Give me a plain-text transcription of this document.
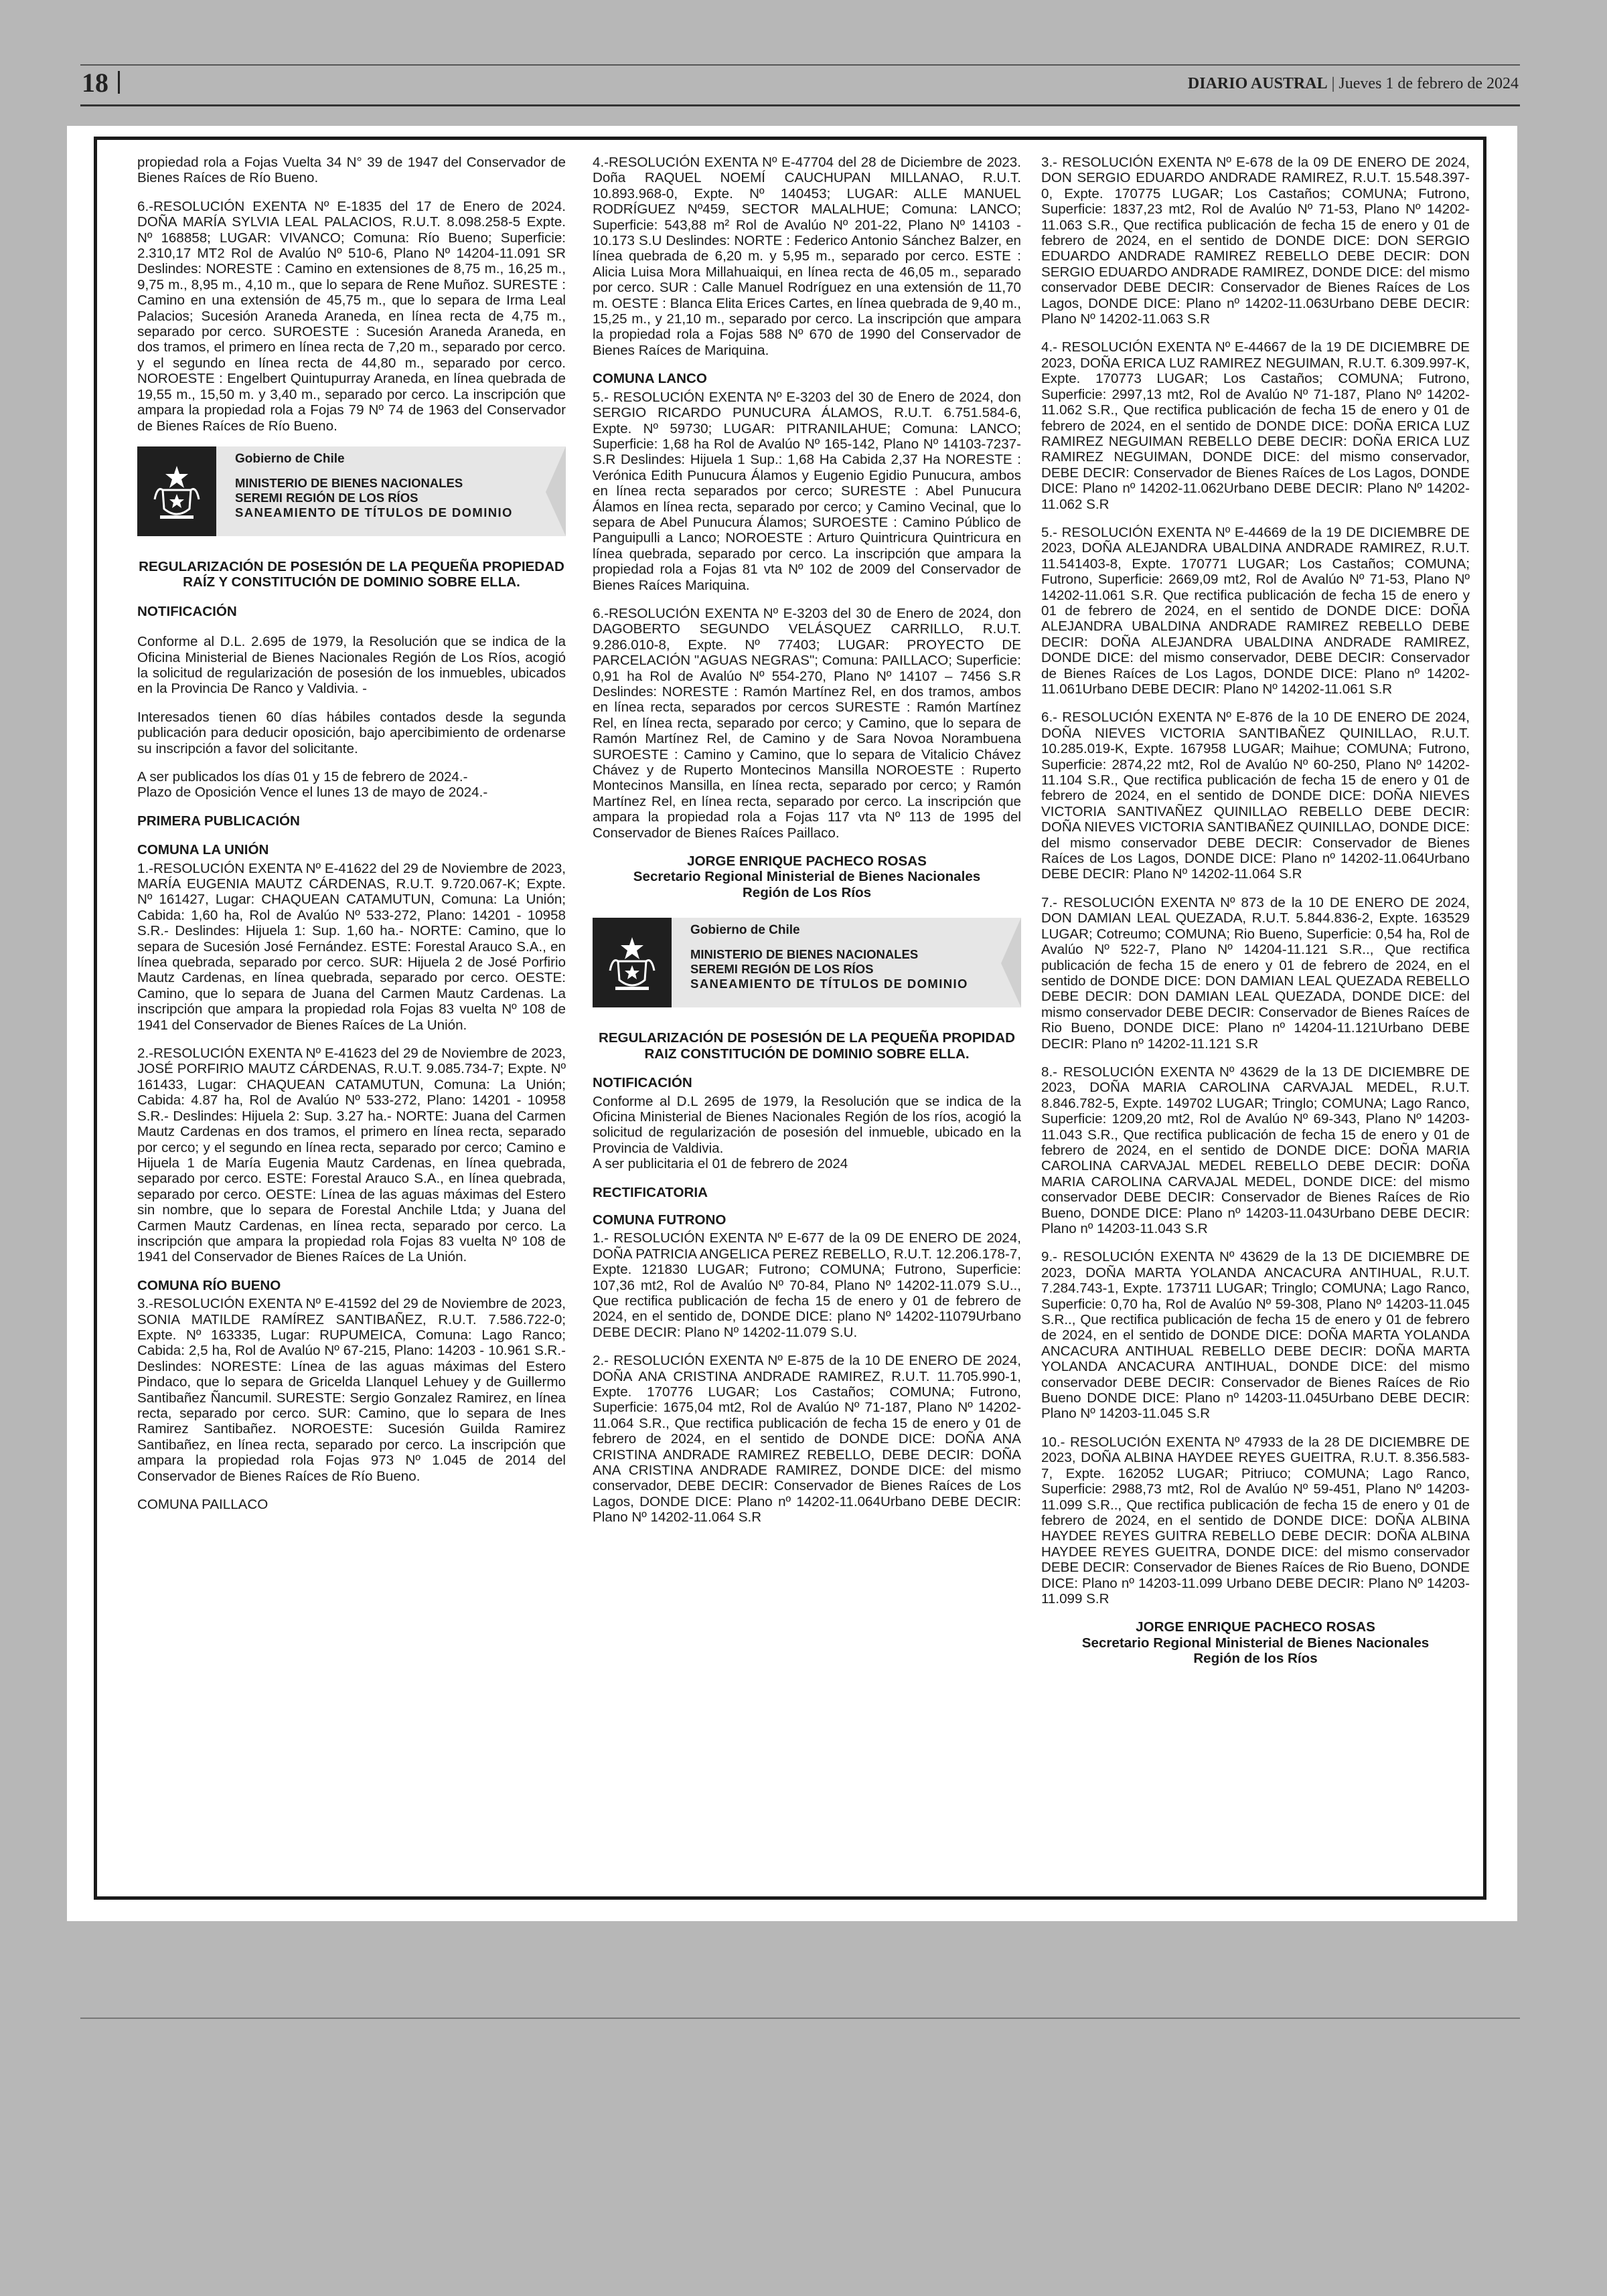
18	DIARIO AUSTRAL | Jueves 1 de febrero de 2024

propiedad rola a Fojas Vuelta 34 N° 39 de 1947 del Conservador de Bienes Raíces de Río Bueno.

6.-RESOLUCIÓN EXENTA Nº E-1835 del 17 de Enero de 2024. DOÑA MARÍA SYLVIA LEAL PALACIOS, R.U.T. 8.098.258-5 Expte. Nº 168858; LUGAR: VIVANCO; Comuna: Río Bueno; Superficie: 2.310,17 MT2 Rol de Avalúo Nº 510-6, Plano Nº 14204-11.091 SR Deslindes: NORESTE : Camino en extensiones de 8,75 m., 16,25 m., 9,75 m., 8,95 m., 4,10 m., que lo separa de Rene Muñoz. SURESTE : Camino en una extensión de 45,75 m., que lo separa de Irma Leal Palacios; Sucesión Araneda Araneda, en línea recta de 4,75 m., separado por cerco. SUROESTE : Sucesión Araneda Araneda, en dos tramos, el primero en línea recta de 7,20 m., separado por cerco. y el segundo en línea recta de 44,80 m., separado por cerco. NOROESTE : Engelbert Quintupurray Araneda, en línea quebrada de 19,55 m., 15,50 m. y 3,40 m., separado por cerco. La inscripción que ampara la propiedad rola a Fojas 79 Nº 74 de 1963 del Conservador de Bienes Raíces de Río Bueno.

Gobierno de Chile
MINISTERIO DE BIENES NACIONALES
SEREMI REGIÓN DE LOS RÍOS
SANEAMIENTO DE TÍTULOS DE DOMINIO

REGULARIZACIÓN DE POSESIÓN DE LA PEQUEÑA PROPIEDAD RAÍZ Y CONSTITUCIÓN DE DOMINIO SOBRE ELLA.

NOTIFICACIÓN

Conforme al D.L. 2.695 de 1979, la Resolución que se indica de la Oficina Ministerial de Bienes Nacionales Región de Los Ríos, acogió la solicitud de regularización de posesión de los inmuebles, ubicados en la Provincia De Ranco y Valdivia. -

Interesados tienen 60 días hábiles contados desde la segunda publicación para deducir oposición, bajo apercibimiento de ordenarse su inscripción a favor del solicitante.

A ser publicados los días 01 y 15 de febrero de 2024.-

Plazo de Oposición Vence el lunes 13 de mayo de 2024.-

PRIMERA PUBLICACIÓN

COMUNA LA UNIÓN

1.-RESOLUCIÓN EXENTA Nº E-41622 del 29 de Noviembre de 2023, MARÍA EUGENIA MAUTZ CÁRDENAS, R.U.T. 9.720.067-K; Expte. Nº 161427, Lugar: CHAQUEAN CATAMUTUN, Comuna: La Unión; Cabida: 1,60 ha, Rol de Avalúo Nº 533-272, Plano: 14201 - 10958 S.R.- Deslindes: Hijuela 1: Sup. 1,60 ha.- NORTE: Camino, que lo separa de Sucesión José Fernández. ESTE: Forestal Arauco S.A., en línea quebrada, separado por cerco. SUR: Hijuela 2 de José Porfirio Mautz Cardenas, en línea quebrada, separado por cerco. OESTE: Camino, que lo separa de Juana del Carmen Mautz Cardenas. La inscripción que ampara la propiedad rola Fojas 83 vuelta Nº 108 de 1941 del Conservador de Bienes Raíces de La Unión.

2.-RESOLUCIÓN EXENTA Nº E-41623 del 29 de Noviembre de 2023, JOSÉ PORFIRIO MAUTZ CÁRDENAS, R.U.T. 9.085.734-7; Expte. Nº 161433, Lugar: CHAQUEAN CATAMUTUN, Comuna: La Unión; Cabida: 4.87 ha, Rol de Avalúo Nº 533-272, Plano: 14201 - 10958 S.R.- Deslindes: Hijuela 2: Sup. 3.27 ha.- NORTE: Juana del Carmen Mautz Cardenas en dos tramos, el primero en línea recta, separado por cerco; y el segundo en línea recta, separado por cerco; Camino e Hijuela 1 de María Eugenia Mautz Cardenas, en línea quebrada, separado por cerco. ESTE: Forestal Arauco S.A., en línea quebrada, separado por cerco. OESTE: Línea de las aguas máximas del Estero sin nombre, que lo separa de Forestal Anchile Ltda; y Juana del Carmen Mautz Cardenas, en línea recta, separado por cerco. La inscripción que ampara la propiedad rola Fojas 83 vuelta Nº 108 de 1941 del Conservador de Bienes Raíces de La Unión.

COMUNA RÍO BUENO

3.-RESOLUCIÓN EXENTA Nº E-41592 del 29 de Noviembre de 2023, SONIA MATILDE RAMÍREZ SANTIBAÑEZ, R.U.T. 7.586.722-0; Expte. Nº 163335, Lugar: RUPUMEICA, Comuna: Lago Ranco; Cabida: 2,5 ha, Rol de Avalúo Nº 67-215, Plano: 14203 - 10.961 S.R.- Deslindes: NORESTE: Línea de las aguas máximas del Estero Pindaco, que lo separa de Gricelda Llanquel Lehuey y de Guillermo Santibañez Ñancumil. SURESTE: Sergio Gonzalez Ramirez, en línea recta, separado por cerco. SUR: Camino, que lo separa de Ines Ramirez Santibañez. NOROESTE: Sucesión Guilda Ramirez Santibañez, en línea recta, separado por cerco. La inscripción que ampara la propiedad rola Fojas 973 Nº 1.045 de 2014 del Conservador de Bienes Raíces de Río Bueno.

COMUNA PAILLACO

4.-RESOLUCIÓN EXENTA Nº E-47704 del 28 de Diciembre de 2023. Doña RAQUEL NOEMÍ CAUCHUPAN MILLANAO, R.U.T. 10.893.968-0, Expte. Nº 140453; LUGAR: ALLE MANUEL RODRÍGUEZ Nº459, SECTOR MALALHUE; Comuna: LANCO; Superficie: 543,88 m² Rol de Avalúo Nº 201-22, Plano Nº 14103 - 10.173 S.U Deslindes: NORTE : Federico Antonio Sánchez Balzer, en línea quebrada de 6,20 m. y 5,95 m., separado por cerco. ESTE : Alicia Luisa Mora Millahuaiqui, en línea recta de 46,05 m., separado por cerco. SUR : Calle Manuel Rodríguez en una extensión de 11,70 m. OESTE : Blanca Elita Erices Cartes, en línea quebrada de 9,40 m., 15,25 m., y 21,10 m., separado por cerco. La inscripción que ampara la propiedad rola a Fojas 588 Nº 670 de 1990 del Conservador de Bienes Raíces de Mariquina.

COMUNA LANCO

5.- RESOLUCIÓN EXENTA Nº E-3203 del 30 de Enero de 2024, don SERGIO RICARDO PUNUCURA ÁLAMOS, R.U.T. 6.751.584-6, Expte. Nº 59730; LUGAR: PITRANILAHUE; Comuna: LANCO; Superficie: 1,68 ha Rol de Avalúo Nº 165-142, Plano Nº 14103-7237-S.R Deslindes: Hijuela 1 Sup.: 1,68 Ha Cabida 2,37 Ha NORESTE : Verónica Edith Punucura Álamos y Eugenio Egidio Punucura, ambos en línea recta separados por cerco; SURESTE : Abel Punucura Álamos en línea recta, separado por cerco; y Camino Vecinal, que lo separa de Abel Punucura Álamos; SUROESTE : Camino Público de Panguipulli a Lanco; NOROESTE : Arturo Quintricura Quintricura en línea quebrada, separado por cerco. La inscripción que ampara la propiedad rola a Fojas 81 vta Nº 102 de 2009 del Conservador de Bienes Raíces Mariquina.

6.-RESOLUCIÓN EXENTA Nº E-3203 del 30 de Enero de 2024, don DAGOBERTO SEGUNDO VELÁSQUEZ CARRILLO, R.U.T. 9.286.010-8, Expte. Nº 77403; LUGAR: PROYECTO DE PARCELACIÓN "AGUAS NEGRAS"; Comuna: PAILLACO; Superficie: 0,91 ha Rol de Avalúo Nº 554-270, Plano Nº 14107 – 7456 S.R Deslindes: NORESTE : Ramón Martínez Rel, en dos tramos, ambos en línea recta, separados por cercos SURESTE : Ramón Martínez Rel, en línea recta, separado por cerco; y Camino, que lo separa de Ramón Martínez Rel, de Camino y de Sara Novoa Norambuena SUROESTE : Camino y Camino, que lo separa de Vitalicio Chávez Chávez y de Ruperto Montecinos Mansilla NOROESTE : Ruperto Montecinos Mansilla, en línea recta, separado por cerco; y Ramón Martínez Rel, en línea recta, separado por cerco. La inscripción que ampara la propiedad rola a Fojas 117 vta Nº 113 de 1995 del Conservador de Bienes Raíces Paillaco.

JORGE ENRIQUE PACHECO ROSAS
Secretario Regional Ministerial de Bienes Nacionales
Región de Los Ríos
Gobierno de Chile
MINISTERIO DE BIENES NACIONALES
SEREMI REGIÓN DE LOS RÍOS
SANEAMIENTO DE TÍTULOS DE DOMINIO

REGULARIZACIÓN DE POSESIÓN DE LA PEQUEÑA PROPIDAD RAIZ CONSTITUCIÓN DE DOMINIO SOBRE ELLA.

NOTIFICACIÓN

Conforme al D.L 2695 de 1979, la Resolución que se indica de la Oficina Ministerial de Bienes Nacionales Región de los ríos, acogió la solicitud de regularización de posesión del inmueble, ubicado en la Provincia de Valdivia.

A ser publicitaria el 01 de febrero de 2024

RECTIFICATORIA

COMUNA FUTRONO

1.- RESOLUCIÓN EXENTA Nº E-677 de la 09 DE ENERO DE 2024, DOÑA PATRICIA ANGELICA PEREZ REBELLO, R.U.T. 12.206.178-7, Expte. 121830 LUGAR; Futrono; COMUNA; Futrono, Superficie: 107,36 mt2, Rol de Avalúo Nº 70-84, Plano Nº 14202-11.079 S.U.., Que rectifica publicación de fecha 15 de enero y 01 de febrero de 2024, en el sentido de, DONDE DICE: plano Nº 14202-11079Urbano DEBE DECIR: Plano Nº 14202-11.079 S.U.

2.- RESOLUCIÓN EXENTA Nº E-875 de la 10 DE ENERO DE 2024, DOÑA ANA CRISTINA ANDRADE RAMIREZ, R.U.T. 11.705.990-1, Expte. 170776 LUGAR; Los Castaños; COMUNA; Futrono, Superficie: 1675,04 mt2, Rol de Avalúo Nº 71-187, Plano Nº 14202-11.064 S.R., Que rectifica publicación de fecha 15 de enero y 01 de febrero de 2024, en el sentido de DONDE DICE: DOÑA ANA CRISTINA ANDRADE RAMIREZ REBELLO, DEBE DECIR: DOÑA ANA CRISTINA ANDRADE RAMIREZ, DONDE DICE: del mismo conservador, DEBE DECIR: Conservador de Bienes Raíces de Los Lagos, DONDE DICE: Plano nº 14202-11.064Urbano DEBE DECIR: Plano Nº 14202-11.064 S.R

3.- RESOLUCIÓN EXENTA Nº E-678 de la 09 DE ENERO DE 2024, DON SERGIO EDUARDO ANDRADE RAMIREZ, R.U.T. 15.548.397-0, Expte. 170775 LUGAR; Los Castaños; COMUNA; Futrono, Superficie: 1837,23 mt2, Rol de Avalúo Nº 71-53, Plano Nº 14202-11.063 S.R., Que rectifica publicación de fecha 15 de enero y 01 de febrero de 2024, en el sentido de DONDE DICE: DON SERGIO EDUARDO ANDRADE RAMIREZ REBELLO DEBE DECIR: DON SERGIO EDUARDO ANDRADE RAMIREZ, DONDE DICE: del mismo conservador DEBE DECIR: Conservador de Bienes Raíces de Los Lagos, DONDE DICE: Plano nº 14202-11.063Urbano DEBE DECIR: Plano Nº 14202-11.063 S.R

4.- RESOLUCIÓN EXENTA Nº E-44667 de la 19 DE DICIEMBRE DE 2023, DOÑA ERICA LUZ RAMIREZ NEGUIMAN, R.U.T. 6.309.997-K, Expte. 170773 LUGAR; Los Castaños; COMUNA; Futrono, Superficie: 2997,13 mt2, Rol de Avalúo Nº 71-187, Plano Nº 14202-11.062 S.R., Que rectifica publicación de fecha 15 de enero y 01 de febrero de 2024, en el sentido de DONDE DICE: DOÑA ERICA LUZ RAMIREZ NEGUIMAN REBELLO DEBE DECIR: DOÑA ERICA LUZ RAMIREZ NEGUIMAN, DONDE DICE: del mismo conservador, DEBE DECIR: Conservador de Bienes Raíces de Los Lagos, DONDE DICE: Plano nº 14202-11.062Urbano DEBE DECIR: Plano Nº 14202-11.062 S.R

5.- RESOLUCIÓN EXENTA Nº E-44669 de la 19 DE DICIEMBRE DE 2023, DOÑA ALEJANDRA UBALDINA ANDRADE RAMIREZ, R.U.T. 11.541403-8, Expte. 170771 LUGAR; Los Castaños; COMUNA; Futrono, Superficie: 2669,09 mt2, Rol de Avalúo Nº 71-53, Plano Nº 14202-11.061 S.R. Que rectifica publicación de fecha 15 de enero y 01 de febrero de 2024, en el sentido de DONDE DICE: DOÑA ALEJANDRA UBALDINA ANDRADE RAMIREZ REBELLO DEBE DECIR: DOÑA ALEJANDRA UBALDINA ANDRADE RAMIREZ, DONDE DICE: del mismo conservador, DEBE DECIR: Conservador de Bienes Raíces de Los Lagos, DONDE DICE: Plano nº 14202-11.061Urbano DEBE DECIR: Plano Nº 14202-11.061 S.R

6.- RESOLUCIÓN EXENTA Nº E-876 de la 10 DE ENERO DE 2024, DOÑA NIEVES VICTORIA SANTIBAÑEZ QUINILLAO, R.U.T. 10.285.019-K, Expte. 167958 LUGAR; Maihue; COMUNA; Futrono, Superficie: 2874,22 mt2, Rol de Avalúo Nº 60-250, Plano Nº 14202-11.104 S.R., Que rectifica publicación de fecha 15 de enero y 01 de febrero de 2024, en el sentido de DONDE DICE: DOÑA NIEVES VICTORIA SANTIVAÑEZ QUINILLAO REBELLO DEBE DECIR: DOÑA NIEVES VICTORIA SANTIBAÑEZ QUINILLAO, DONDE DICE: del mismo conservador DEBE DECIR: Conservador de Bienes Raíces de Los Lagos, DONDE DICE: Plano nº 14202-11.064Urbano DEBE DECIR: Plano Nº 14202-11.064 S.R

7.- RESOLUCIÓN EXENTA Nº 873 de la 10 DE ENERO DE 2024, DON DAMIAN LEAL QUEZADA, R.U.T. 5.844.836-2, Expte. 163529 LUGAR; Cotreumo; COMUNA; Rio Bueno, Superficie: 0,54 ha, Rol de Avalúo Nº 522-7, Plano Nº 14204-11.121 S.R.., Que rectifica publicación de fecha 15 de enero y 01 de febrero de 2024, en el sentido de DONDE DICE: DON DAMIAN LEAL QUEZADA REBELLO DEBE DECIR: DON DAMIAN LEAL QUEZADA, DONDE DICE: del mismo conservador DEBE DECIR: Conservador de Bienes Raíces de Rio Bueno, DONDE DICE: Plano nº 14204-11.121Urbano DEBE DECIR: Plano nº 14202-11.121 S.R

8.- RESOLUCIÓN EXENTA Nº 43629 de la 13 DE DICIEMBRE DE 2023, DOÑA MARIA CAROLINA CARVAJAL MEDEL, R.U.T. 8.846.782-5, Expte. 149702 LUGAR; Tringlo; COMUNA; Lago Ranco, Superficie: 1209,20 mt2, Rol de Avalúo Nº 69-343, Plano Nº 14203-11.043 S.R., Que rectifica publicación de fecha 15 de enero y 01 de febrero de 2024, en el sentido de DONDE DICE: DOÑA MARIA CAROLINA CARVAJAL MEDEL REBELLO DEBE DECIR: DOÑA MARIA CAROLINA CARVAJAL MEDEL, DONDE DICE: del mismo conservador DEBE DECIR: Conservador de Bienes Raíces de Rio Bueno, DONDE DICE: Plano nº 14203-11.043Urbano DEBE DECIR: Plano nº 14203-11.043 S.R

9.- RESOLUCIÓN EXENTA Nº 43629 de la 13 DE DICIEMBRE DE 2023, DOÑA MARTA YOLANDA ANCACURA ANTIHUAL, R.U.T. 7.284.743-1, Expte. 173711 LUGAR; Tringlo; COMUNA; Lago Ranco, Superficie: 0,70 ha, Rol de Avalúo Nº 59-308, Plano Nº 14203-11.045 S.R.., Que rectifica publicación de fecha 15 de enero y 01 de febrero de 2024, en el sentido de DONDE DICE: DOÑA MARTA YOLANDA ANCACURA ANTIHUAL REBELLO DEBE DECIR: DOÑA MARTA YOLANDA ANCACURA ANTIHUAL, DONDE DICE: del mismo conservador DEBE DECIR: Conservador de Bienes Raíces de Rio Bueno DONDE DICE: Plano nº 14203-11.045Urbano DEBE DECIR: Plano Nº 14203-11.045 S.R

10.- RESOLUCIÓN EXENTA Nº 47933 de la 28 DE DICIEMBRE DE 2023, DOÑA ALBINA HAYDEE REYES GUEITRA, R.U.T. 8.356.583-7, Expte. 162052 LUGAR; Pitriuco; COMUNA; Lago Ranco, Superficie: 2988,73 mt2, Rol de Avalúo Nº 59-451, Plano Nº 14203-11.099 S.R.., Que rectifica publicación de fecha 15 de enero y 01 de febrero de 2024, en el sentido de DONDE DICE: DOÑA ALBINA HAYDEE REYES GUITRA REBELLO DEBE DECIR: DOÑA ALBINA HAYDEE REYES GUEITRA, DONDE DICE: del mismo conservador DEBE DECIR: Conservador de Bienes Raíces de Rio Bueno, DONDE DICE: Plano nº 14203-11.099 Urbano DEBE DECIR: Plano Nº 14203-11.099 S.R

JORGE ENRIQUE PACHECO ROSAS
Secretario Regional Ministerial de Bienes Nacionales
Región de los Ríos
